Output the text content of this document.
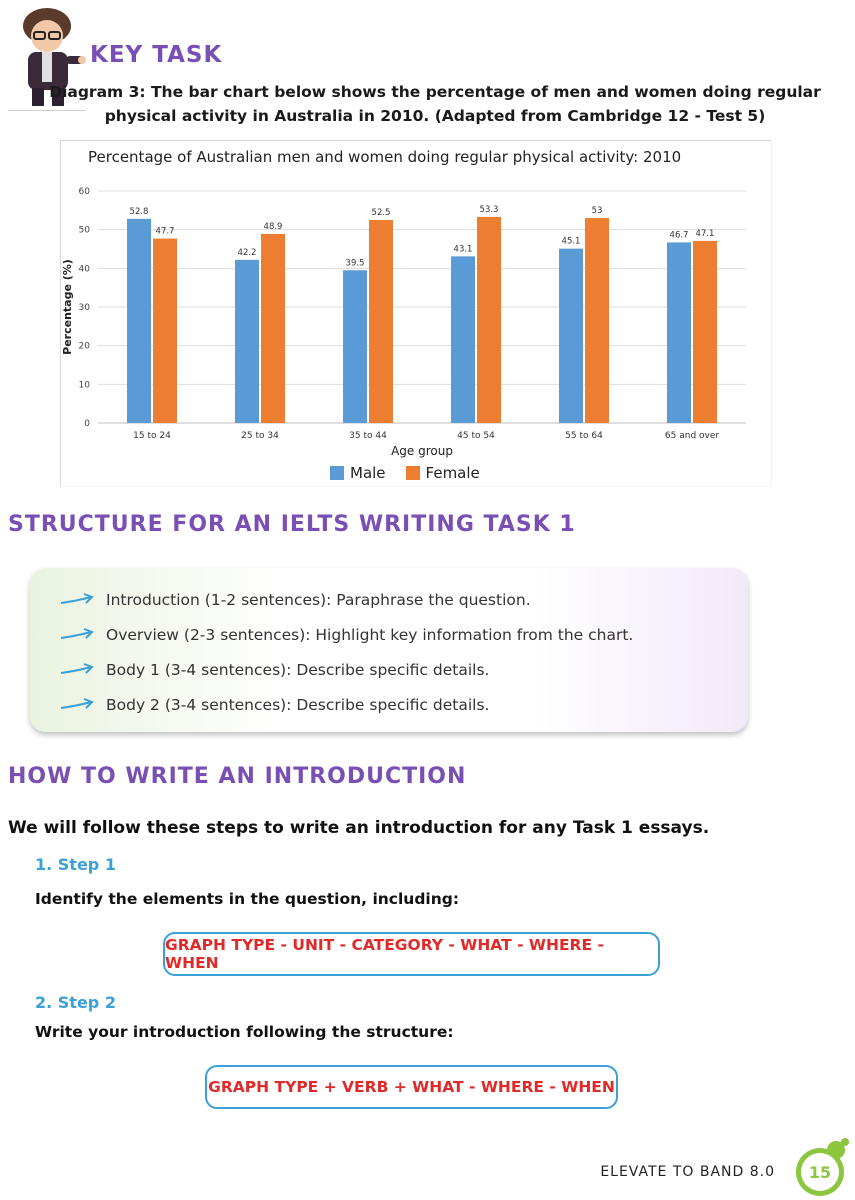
KEY TASK
Diagram 3: The bar chart below shows the percentage of men and women doing regular physical activity in Australia in 2010. (Adapted from Cambridge 12 - Test 5)
Percentage of Australian men and women doing regular physical activity: 2010
0
10
20
30
40
50
60
52.8
47.7
15 to 24
42.2
48.9
25 to 34
39.5
52.5
35 to 44
43.1
53.3
45 to 54
45.1
53
55 to 64
46.7 47.1
65 and over
Age group
Percentage (%)
Male	Female
STRUCTURE FOR AN IELTS WRITING TASK 1
Introduction (1-2 sentences): Paraphrase the question.
Overview (2-3 sentences): Highlight key information from the chart.
Body 1 (3-4 sentences): Describe specific details.
Body 2 (3-4 sentences): Describe specific details.
HOW TO WRITE AN INTRODUCTION
We will follow these steps to write an introduction for any Task 1 essays.
1. Step 1
Identify the elements in the question, including:
GRAPH TYPE - UNIT - CATEGORY - WHAT - WHERE - WHEN
2. Step 2
Write your introduction following the structure:
GRAPH TYPE + VERB + WHAT - WHERE - WHEN
ELEVATE TO BAND 8.0 15
